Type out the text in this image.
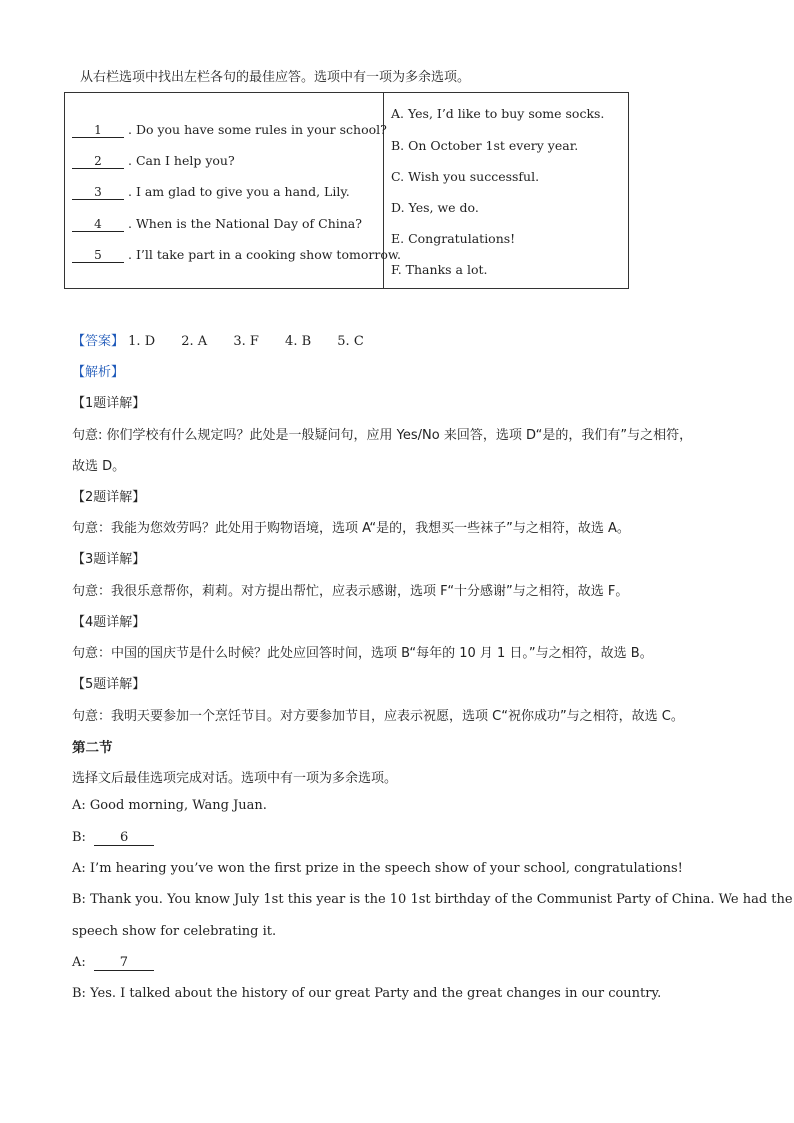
从右栏选项中找出左栏各句的最佳应答。选项中有一项为多余选项。
1 . Do you have some rules in your school?
2 . Can I help you?
3 . I am glad to give you a hand, Lily.
4 . When is the National Day of China?
5 . I’ll take part in a cooking show tomorrow.
A. Yes, I’d like to buy some socks.
B. On October 1st every year.
C. Wish you successful.
D. Yes, we do.
E. Congratulations!
F. Thanks a lot.
【答案】 1. D 2. A 3. F 4. B 5. C
【解析】
【1题详解】
句意: 你们学校有什么规定吗？此处是一般疑问句，应用 Yes/No 来回答，选项 D“是的，我们有”与之相符，
故选 D。
【2题详解】
句意：我能为您效劳吗？此处用于购物语境，选项 A“是的，我想买一些袜子”与之相符，故选 A。
【3题详解】
句意：我很乐意帮你，莉莉。对方提出帮忙，应表示感谢，选项 F“十分感谢”与之相符，故选 F。
【4题详解】
句意：中国的国庆节是什么时候？此处应回答时间，选项 B“每年的 10 月 1 日。”与之相符，故选 B。
【5题详解】
句意：我明天要参加一个烹饪节目。对方要参加节目，应表示祝愿，选项 C“祝你成功”与之相符，故选 C。
第二节
选择文后最佳选项完成对话。选项中有一项为多余选项。
A: Good morning, Wang Juan.
B:	6
A: I’m hearing you’ve won the first prize in the speech show of your school, congratulations!
B: Thank you. You know July 1st this year is the 10 1st birthday of the Communist Party of China. We had the
speech show for celebrating it.
A:	7
B: Yes. I talked about the history of our great Party and the great changes in our country.
